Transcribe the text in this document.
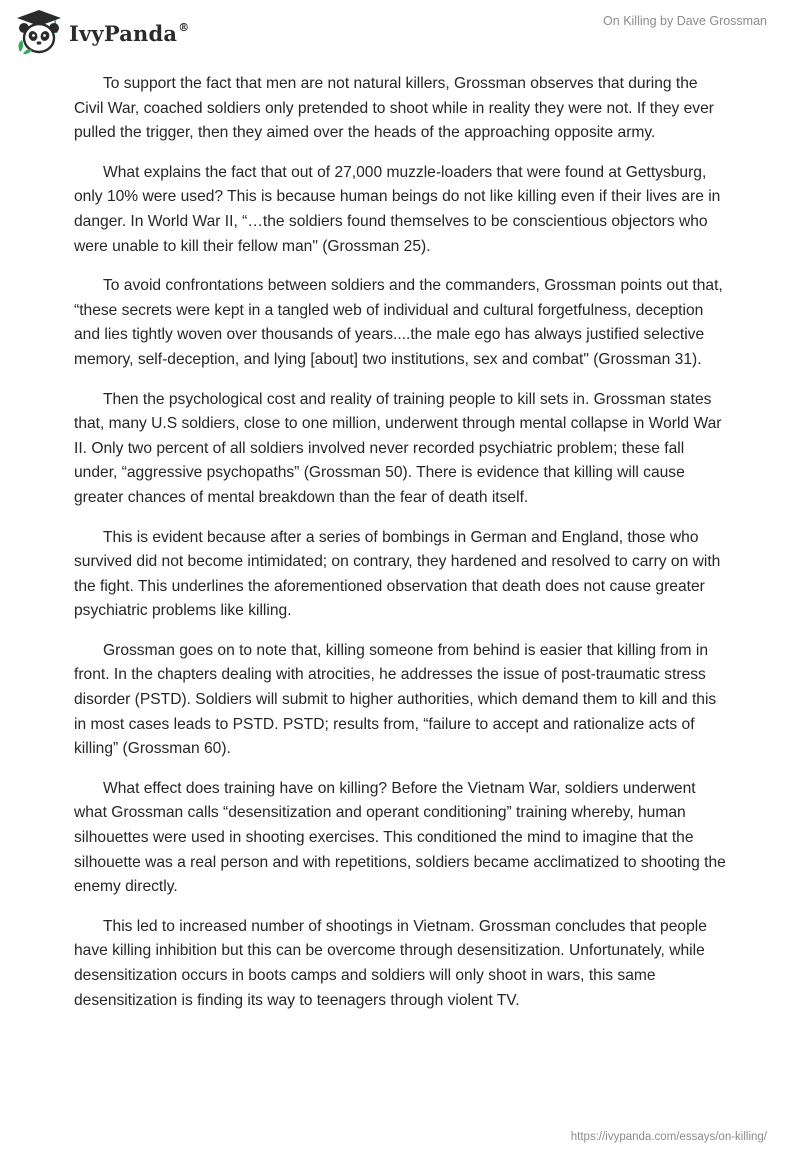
IvyPanda®	On Killing by Dave Grossman

To support the fact that men are not natural killers, Grossman observes that during the Civil War, coached soldiers only pretended to shoot while in reality they were not. If they ever pulled the trigger, then they aimed over the heads of the approaching opposite army.

What explains the fact that out of 27,000 muzzle-loaders that were found at Gettysburg, only 10% were used? This is because human beings do not like killing even if their lives are in danger. In World War II, “…the soldiers found themselves to be conscientious objectors who were unable to kill their fellow man" (Grossman 25).

To avoid confrontations between soldiers and the commanders, Grossman points out that, “these secrets were kept in a tangled web of individual and cultural forgetfulness, deception and lies tightly woven over thousands of years....the male ego has always justified selective memory, self-deception, and lying [about] two institutions, sex and combat" (Grossman 31).

Then the psychological cost and reality of training people to kill sets in. Grossman states that, many U.S soldiers, close to one million, underwent through mental collapse in World War II. Only two percent of all soldiers involved never recorded psychiatric problem; these fall under, “aggressive psychopaths” (Grossman 50). There is evidence that killing will cause greater chances of mental breakdown than the fear of death itself.

This is evident because after a series of bombings in German and England, those who survived did not become intimidated; on contrary, they hardened and resolved to carry on with the fight. This underlines the aforementioned observation that death does not cause greater psychiatric problems like killing.

Grossman goes on to note that, killing someone from behind is easier that killing from in front. In the chapters dealing with atrocities, he addresses the issue of post-traumatic stress disorder (PSTD). Soldiers will submit to higher authorities, which demand them to kill and this in most cases leads to PSTD. PSTD; results from, “failure to accept and rationalize acts of killing” (Grossman 60).

What effect does training have on killing? Before the Vietnam War, soldiers underwent what Grossman calls “desensitization and operant conditioning” training whereby, human silhouettes were used in shooting exercises. This conditioned the mind to imagine that the silhouette was a real person and with repetitions, soldiers became acclimatized to shooting the enemy directly.

This led to increased number of shootings in Vietnam. Grossman concludes that people have killing inhibition but this can be overcome through desensitization. Unfortunately, while desensitization occurs in boots camps and soldiers will only shoot in wars, this same desensitization is finding its way to teenagers through violent TV.

https://ivypanda.com/essays/on-killing/
